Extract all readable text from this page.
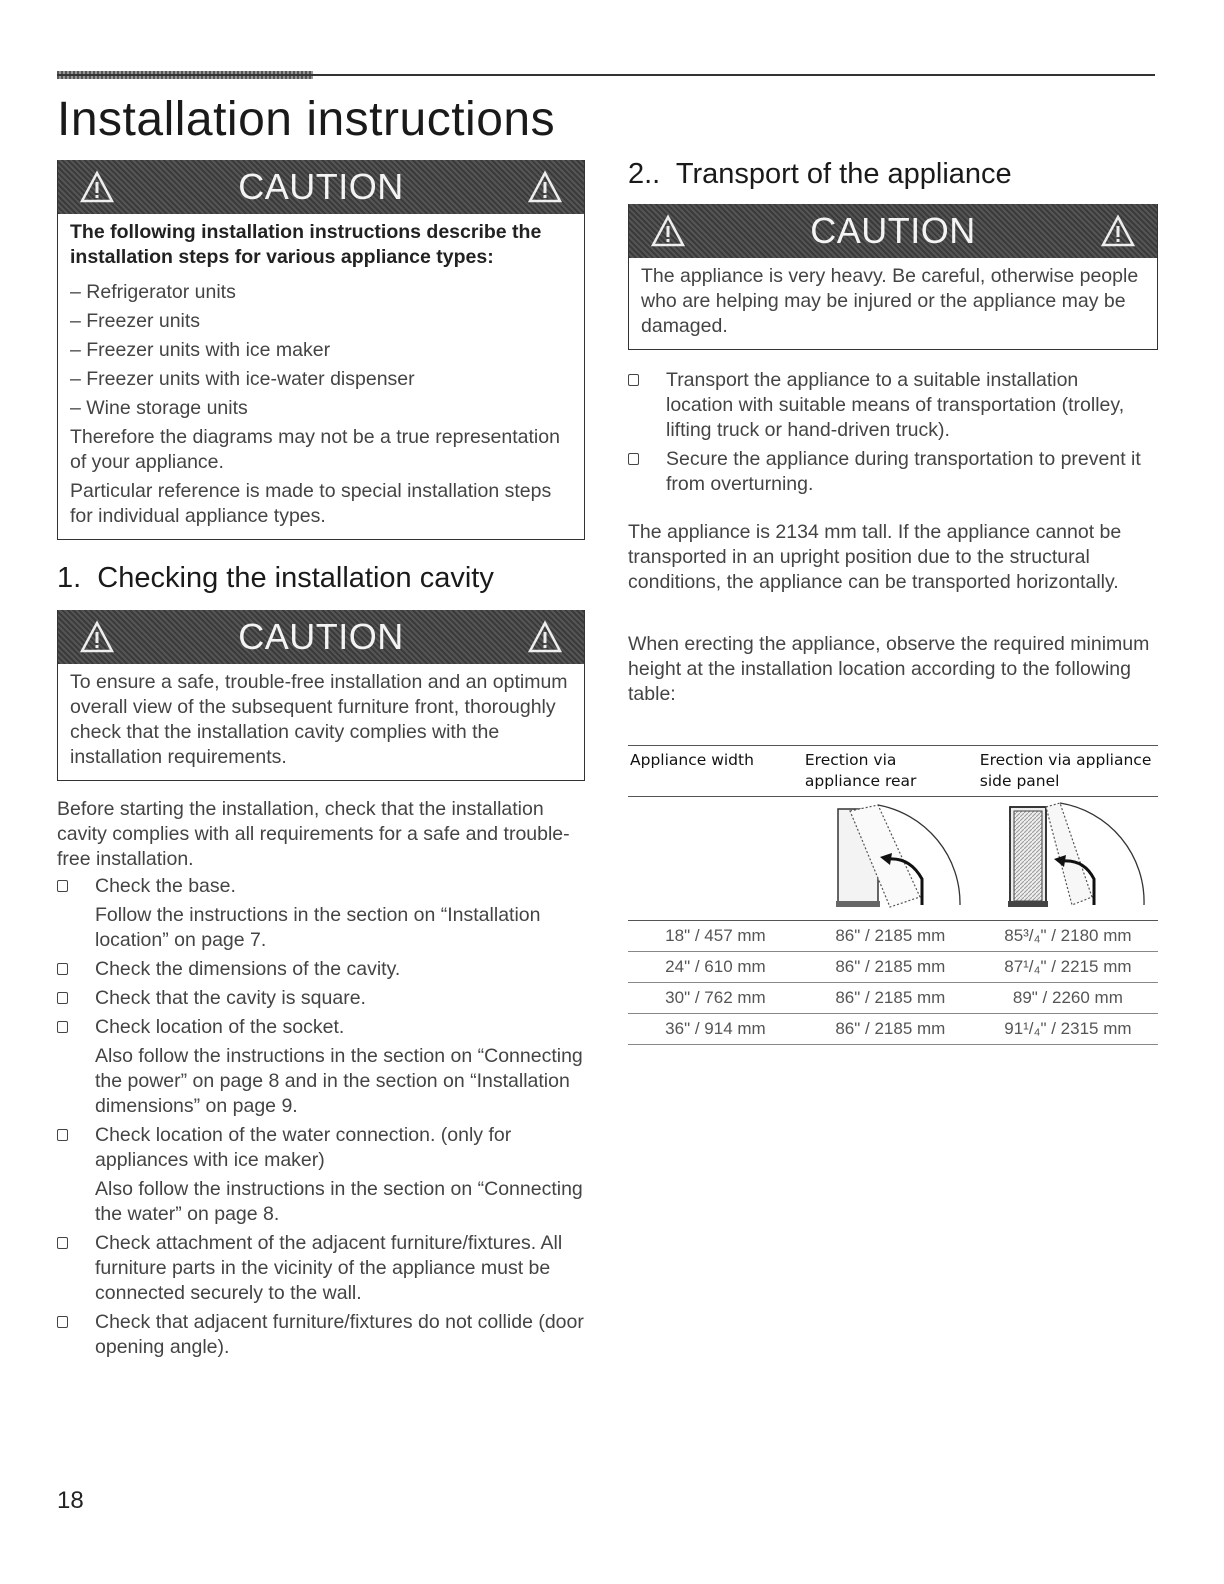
Installation instructions
CAUTION

The following installation instructions describe the installation steps for various appliance types:

– Refrigerator units
– Freezer units
– Freezer units with ice maker
– Freezer units with ice-water dispenser
– Wine storage units

Therefore the diagrams may not be a true representation of your appliance.

Particular reference is made to special installation steps for individual appliance types.

1.  Checking the installation cavity
CAUTION

To ensure a safe, trouble-free installation and an optimum overall view of the subsequent furniture front, thoroughly check that the installation cavity complies with the installation requirements.

Before starting the installation, check that the installation cavity complies with all requirements for a safe and trouble-free installation.

Check the base.
Follow the instructions in the section on “Installation location” on page 7.
Check the dimensions of the cavity.
Check that the cavity is square.
Check location of the socket.
Also follow the instructions in the section on “Connecting the power” on page 8 and in the section on “Installation dimensions” on page 9.
Check location of the water connection. (only for appliances with ice maker)
Also follow the instructions in the section on “Connecting the water” on page 8.
Check attachment of the adjacent furniture/fixtures. All furniture parts in the vicinity of the appliance must be connected securely to the wall.
Check that adjacent furniture/fixtures do not collide (door opening angle).
2..  Transport of the appliance
CAUTION

The appliance is very heavy. Be careful, otherwise people who are helping may be injured or the appliance may be damaged.

Transport the appliance to a suitable installation location with suitable means of transportation (trolley, lifting truck or hand-driven truck).
Secure the appliance during transportation to prevent it from overturning.

The appliance is 2134 mm tall. If the appliance cannot be transported in an upright position due to the structural conditions, the appliance can be transported horizontally.

When erecting the appliance, observe the required minimum height at the installation location according to the following table:

Appliance width	Erection via appliance rear	Erection via appliance side panel

18" / 457 mm	86" / 2185 mm	85³/₄" / 2180 mm
24" / 610 mm	86" / 2185 mm	87¹/₄" / 2215 mm
30" / 762 mm	86" / 2185 mm	89" / 2260 mm
36" / 914 mm	86" / 2185 mm	91¹/₄" / 2315 mm
18
